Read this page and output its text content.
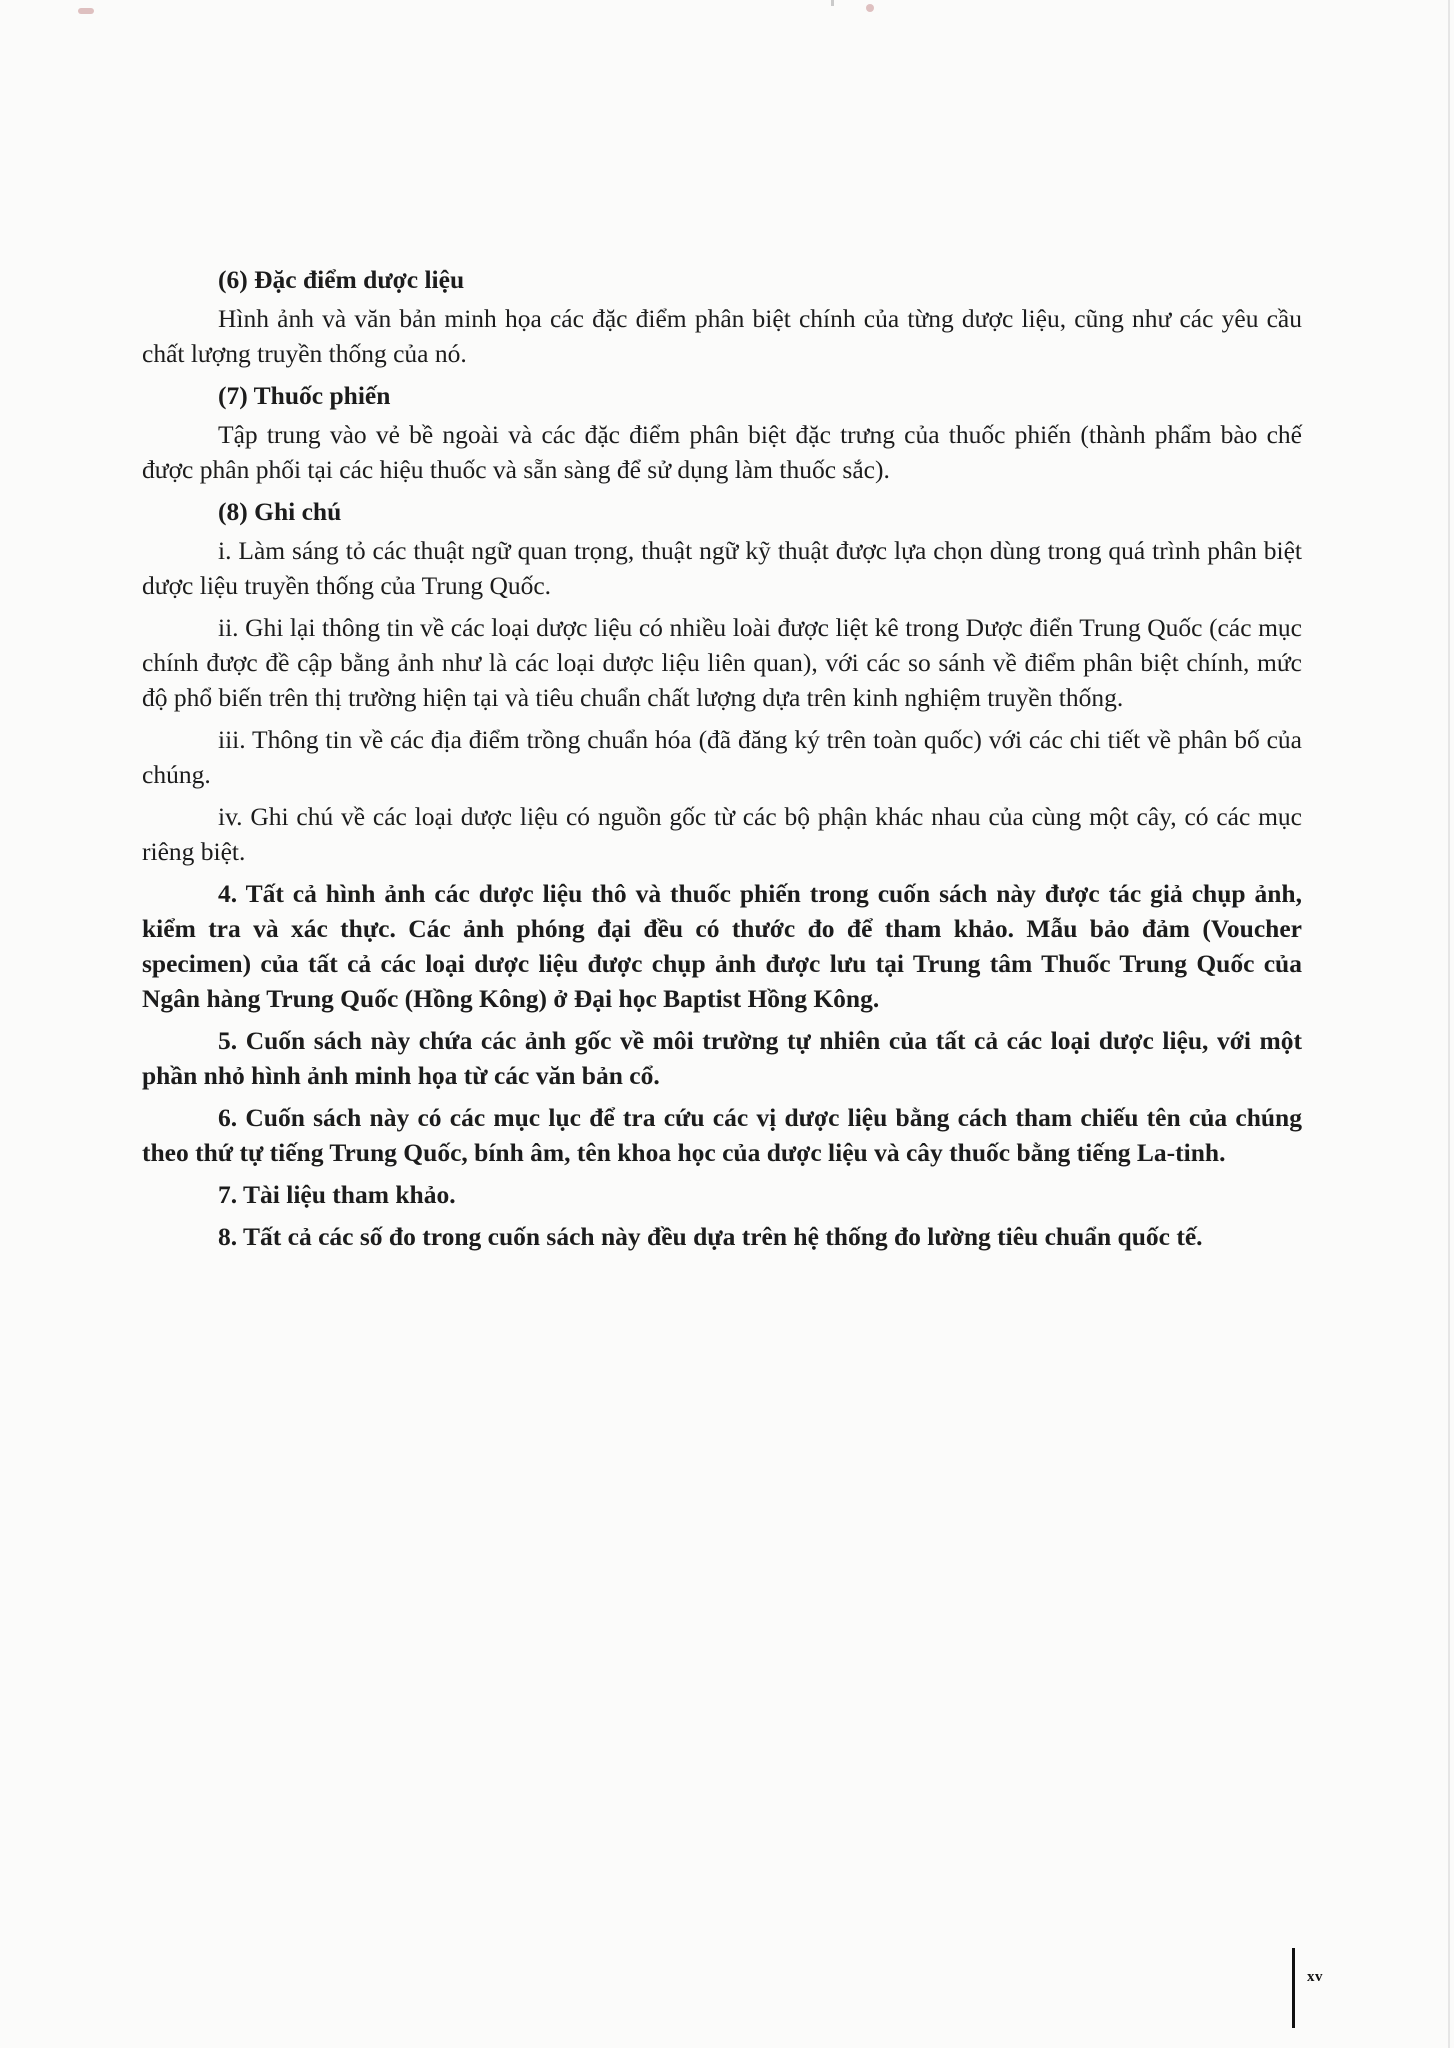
(6) Đặc điểm dược liệu

Hình ảnh và văn bản minh họa các đặc điểm phân biệt chính của từng dược liệu, cũng như các yêu cầu chất lượng truyền thống của nó.

(7) Thuốc phiến

Tập trung vào vẻ bề ngoài và các đặc điểm phân biệt đặc trưng của thuốc phiến (thành phẩm bào chế được phân phối tại các hiệu thuốc và sẵn sàng để sử dụng làm thuốc sắc).

(8) Ghi chú

i. Làm sáng tỏ các thuật ngữ quan trọng, thuật ngữ kỹ thuật được lựa chọn dùng trong quá trình phân biệt dược liệu truyền thống của Trung Quốc.

ii. Ghi lại thông tin về các loại dược liệu có nhiều loài được liệt kê trong Dược điển Trung Quốc (các mục chính được đề cập bằng ảnh như là các loại dược liệu liên quan), với các so sánh về điểm phân biệt chính, mức độ phổ biến trên thị trường hiện tại và tiêu chuẩn chất lượng dựa trên kinh nghiệm truyền thống.

iii. Thông tin về các địa điểm trồng chuẩn hóa (đã đăng ký trên toàn quốc) với các chi tiết về phân bố của chúng.

iv. Ghi chú về các loại dược liệu có nguồn gốc từ các bộ phận khác nhau của cùng một cây, có các mục riêng biệt.

4. Tất cả hình ảnh các dược liệu thô và thuốc phiến trong cuốn sách này được tác giả chụp ảnh, kiểm tra và xác thực. Các ảnh phóng đại đều có thước đo để tham khảo. Mẫu bảo đảm (Voucher specimen) của tất cả các loại dược liệu được chụp ảnh được lưu tại Trung tâm Thuốc Trung Quốc của Ngân hàng Trung Quốc (Hồng Kông) ở Đại học Baptist Hồng Kông.

5. Cuốn sách này chứa các ảnh gốc về môi trường tự nhiên của tất cả các loại dược liệu, với một phần nhỏ hình ảnh minh họa từ các văn bản cổ.

6. Cuốn sách này có các mục lục để tra cứu các vị dược liệu bằng cách tham chiếu tên của chúng theo thứ tự tiếng Trung Quốc, bính âm, tên khoa học của dược liệu và cây thuốc bằng tiếng La-tinh.

7. Tài liệu tham khảo.

8. Tất cả các số đo trong cuốn sách này đều dựa trên hệ thống đo lường tiêu chuẩn quốc tế.

xv
